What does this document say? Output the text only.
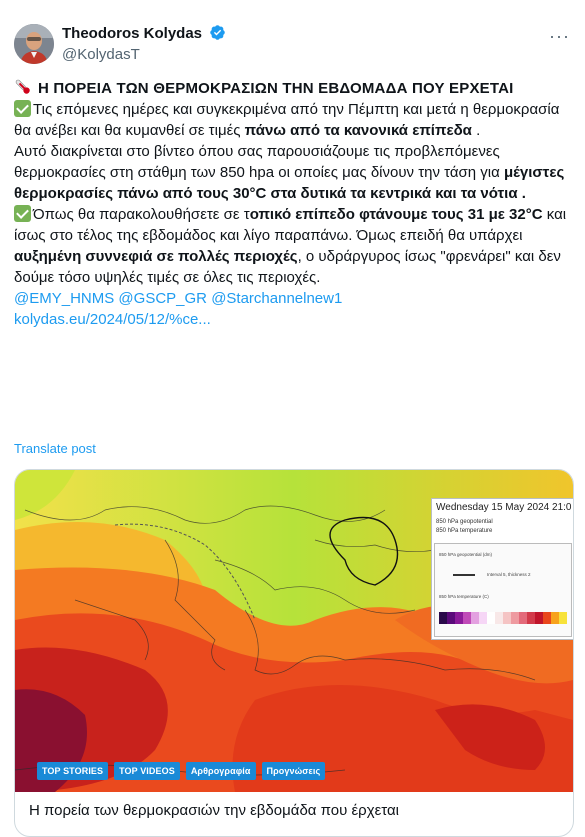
Theodoros Kolydas
@KolydasT
···

Η ΠΟΡΕΙΑ ΤΩΝ ΘΕΡΜΟΚΡΑΣΙΩΝ ΤΗΝ ΕΒΔΟΜΑΔΑ ΠΟΥ ΕΡΧΕΤΑΙ

Τις επόμενες ημέρες και συγκεκριμένα από την Πέμπτη και μετά η θερμοκρασία θα ανέβει και θα κυμανθεί σε τιμές πάνω από τα κανονικά επίπεδα .

Αυτό διακρίνεται στο βίντεο όπου σας παρουσιάζουμε τις προβλεπόμενες θερμοκρασίες στη στάθμη των 850 hpa οι οποίες μας δίνουν την τάση για μέγιστες θερμοκρασίες πάνω από τους 30°C στα δυτικά τα κεντρικά και τα νότια .

Όπως θα παρακολουθήσετε σε τοπικό επίπεδο φτάνουμε τους 31 με 32°C και ίσως στο τέλος της εβδομάδος και λίγο παραπάνω. Όμως επειδή θα υπάρχει αυξημένη συννεφιά σε πολλές περιοχές, ο υδράργυρος ίσως "φρενάρει" και δεν δούμε τόσο υψηλές τιμές σε όλες τις περιοχές.

@EMY_HNMS @GSCP_GR @Starchannelnew1

kolydas.eu/2024/05/12/%ce...

Translate post
Wednesday 15 May 2024 21:0
850 hPa geopotential
850 hPa temperature
850 hPa geopotential (dm)
Interval 5, thickness 2
850 hPa temperature (C)
TOP STORIES	TOP VIDEOS	Αρθρογραφία	Προγνώσεις
Η πορεία των θερμοκρασιών την εβδομάδα που έρχεται
